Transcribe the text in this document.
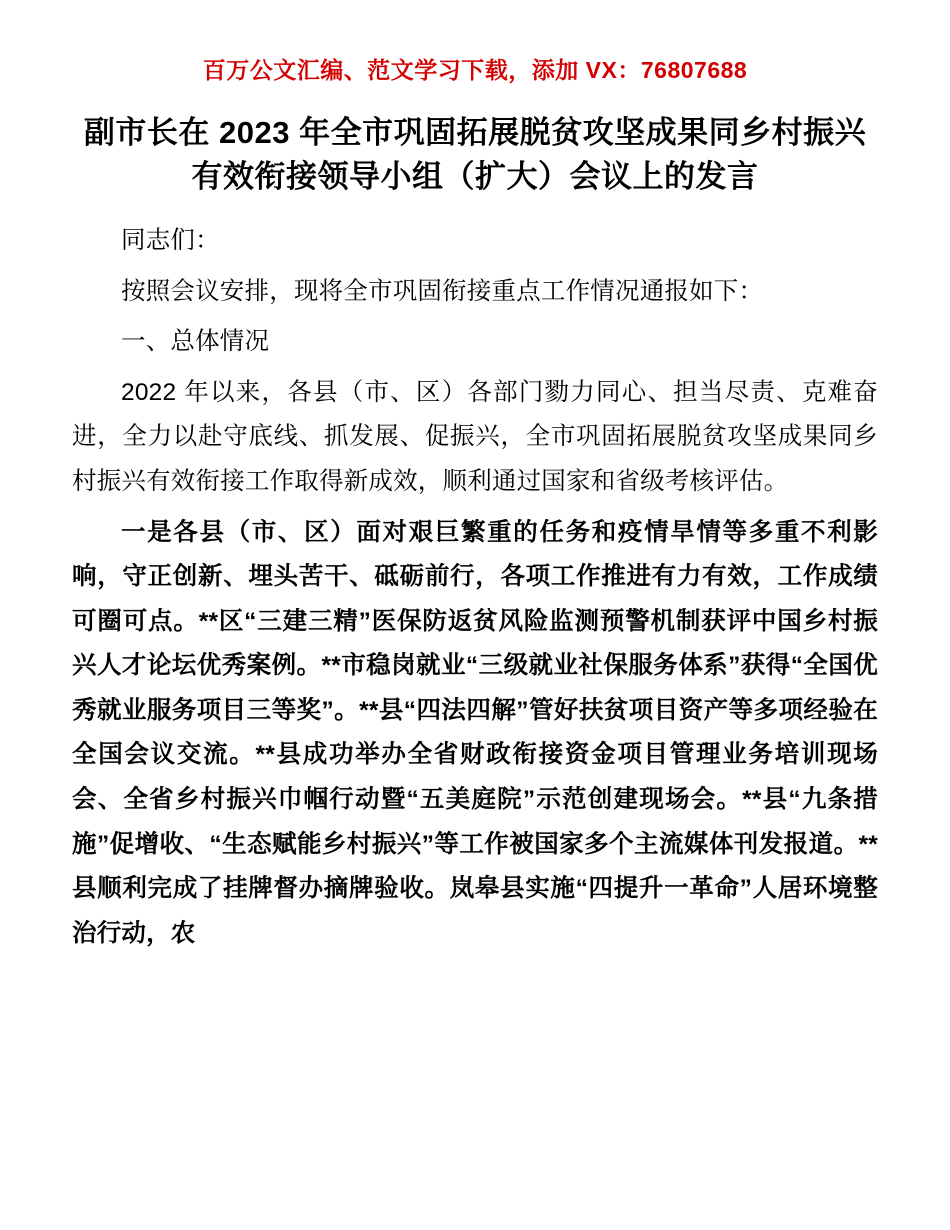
百万公文汇编、范文学习下载，添加 VX：76807688
副市长在 2023 年全市巩固拓展脱贫攻坚成果同乡村振兴有效衔接领导小组（扩大）会议上的发言

同志们：

按照会议安排，现将全市巩固衔接重点工作情况通报如下：

一、总体情况

2022 年以来，各县（市、区）各部门勠力同心、担当尽责、克难奋进，全力以赴守底线、抓发展、促振兴，全市巩固拓展脱贫攻坚成果同乡村振兴有效衔接工作取得新成效，顺利通过国家和省级考核评估。

一是各县（市、区）面对艰巨繁重的任务和疫情旱情等多重不利影响，守正创新、埋头苦干、砥砺前行，各项工作推进有力有效，工作成绩可圈可点。**区“三建三精”医保防返贫风险监测预警机制获评中国乡村振兴人才论坛优秀案例。**市稳岗就业“三级就业社保服务体系”获得“全国优秀就业服务项目三等奖”。**县“四法四解”管好扶贫项目资产等多项经验在全国会议交流。**县成功举办全省财政衔接资金项目管理业务培训现场会、全省乡村振兴巾帼行动暨“五美庭院”示范创建现场会。**县“九条措施”促增收、“生态赋能乡村振兴”等工作被国家多个主流媒体刊发报道。**县顺利完成了挂牌督办摘牌验收。岚皋县实施“四提升一革命”人居环境整治行动，农
